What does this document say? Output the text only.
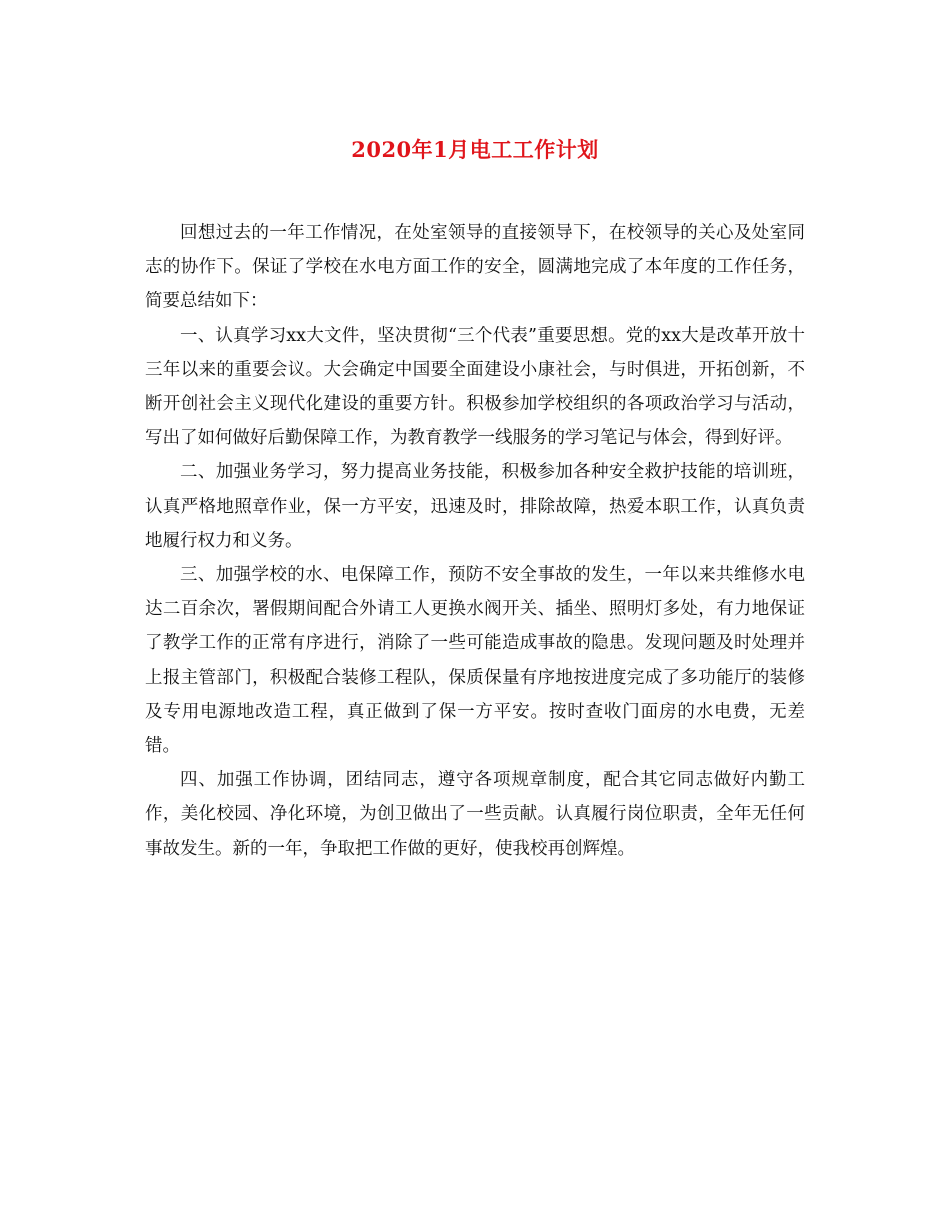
2020年1月电工工作计划

回想过去的一年工作情况，在处室领导的直接领导下，在校领导的关心及处室同志的协作下。保证了学校在水电方面工作的安全，圆满地完成了本年度的工作任务，简要总结如下：

一、认真学习xx大文件，坚决贯彻“三个代表”重要思想。党的xx大是改革开放十三年以来的重要会议。大会确定中国要全面建设小康社会，与时俱进，开拓创新，不断开创社会主义现代化建设的重要方针。积极参加学校组织的各项政治学习与活动，写出了如何做好后勤保障工作，为教育教学一线服务的学习笔记与体会，得到好评。

二、加强业务学习，努力提高业务技能，积极参加各种安全救护技能的培训班，认真严格地照章作业，保一方平安，迅速及时，排除故障，热爱本职工作，认真负责地履行权力和义务。

三、加强学校的水、电保障工作，预防不安全事故的发生，一年以来共维修水电达二百余次，署假期间配合外请工人更换水阀开关、插坐、照明灯多处，有力地保证了教学工作的正常有序进行，消除了一些可能造成事故的隐患。发现问题及时处理并上报主管部门，积极配合装修工程队，保质保量有序地按进度完成了多功能厅的装修及专用电源地改造工程，真正做到了保一方平安。按时查收门面房的水电费，无差错。

四、加强工作协调，团结同志，遵守各项规章制度，配合其它同志做好内勤工作，美化校园、净化环境，为创卫做出了一些贡献。认真履行岗位职责，全年无任何事故发生。新的一年，争取把工作做的更好，使我校再创辉煌。
